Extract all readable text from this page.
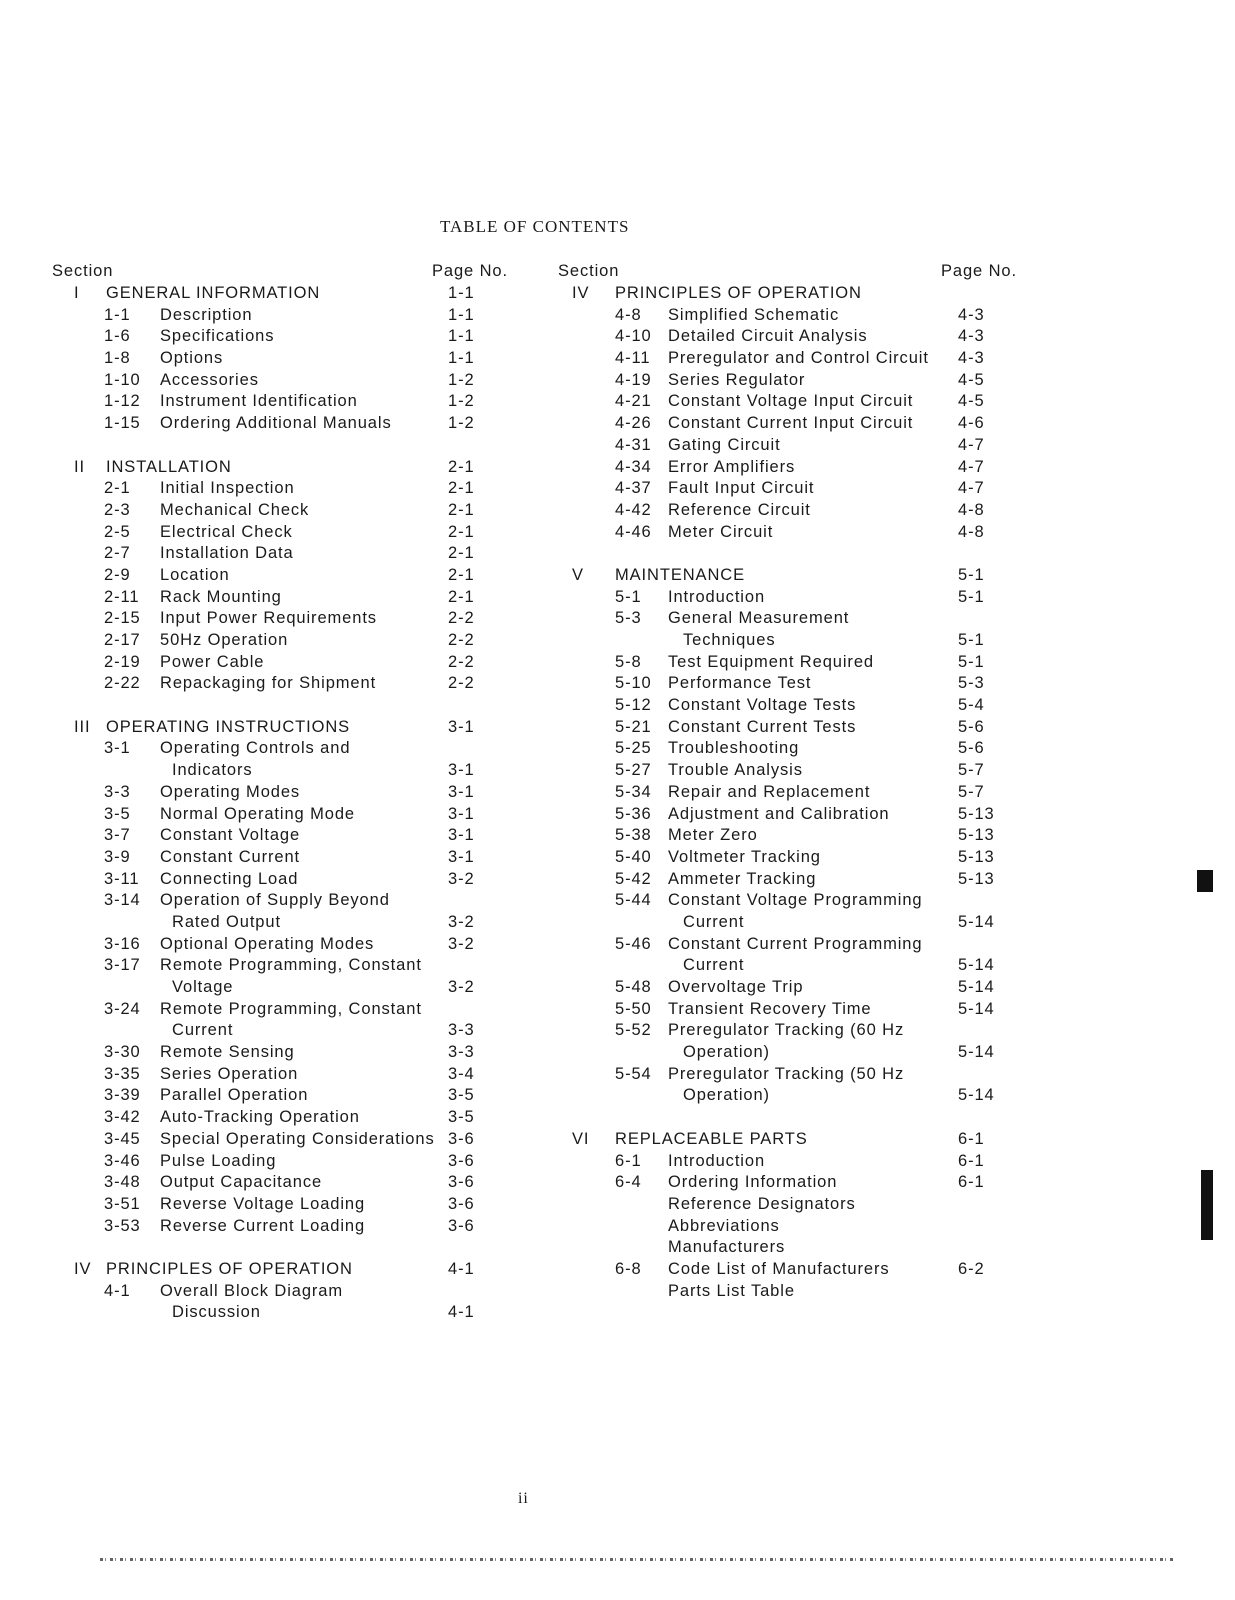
TABLE OF CONTENTS
Section	Page No.
I GENERAL INFORMATION	1-1
1-1 Description	1-1
1-6 Specifications	1-1
1-8 Options	1-1
1-10 Accessories	1-2
1-12 Instrument Identification	1-2
1-15 Ordering Additional Manuals	1-2
II INSTALLATION	2-1
2-1 Initial Inspection	2-1
2-3 Mechanical Check	2-1
2-5 Electrical Check	2-1
2-7 Installation Data	2-1
2-9 Location	2-1
2-11 Rack Mounting	2-1
2-15 Input Power Requirements	2-2
2-17 50Hz Operation	2-2
2-19 Power Cable	2-2
2-22 Repackaging for Shipment	2-2
III OPERATING INSTRUCTIONS	3-1
3-1 Operating Controls and
Indicators	3-1
3-3 Operating Modes	3-1
3-5 Normal Operating Mode	3-1
3-7 Constant Voltage	3-1
3-9 Constant Current	3-1
3-11 Connecting Load	3-2
3-14 Operation of Supply Beyond
Rated Output	3-2
3-16 Optional Operating Modes	3-2
3-17 Remote Programming, Constant
Voltage	3-2
3-24 Remote Programming, Constant
Current	3-3
3-30 Remote Sensing	3-3
3-35 Series Operation	3-4
3-39 Parallel Operation	3-5
3-42 Auto-Tracking Operation	3-5
3-45 Special Operating Considerations 3-6
3-46 Pulse Loading	3-6
3-48 Output Capacitance	3-6
3-51 Reverse Voltage Loading	3-6
3-53 Reverse Current Loading	3-6
IV PRINCIPLES OF OPERATION	4-1
4-1 Overall Block Diagram
Discussion	4-1
Section	Page No.
IV PRINCIPLES OF OPERATION
4-8 Simplified Schematic	4-3
4-10 Detailed Circuit Analysis	4-3
4-11 Preregulator and Control Circuit 4-3
4-19 Series Regulator	4-5
4-21 Constant Voltage Input Circuit	4-5
4-26 Constant Current Input Circuit	4-6
4-31 Gating Circuit	4-7
4-34 Error Amplifiers	4-7
4-37 Fault Input Circuit	4-7
4-42 Reference Circuit	4-8
4-46 Meter Circuit	4-8
V MAINTENANCE	5-1
5-1 Introduction	5-1
5-3 General Measurement
Techniques	5-1
5-8 Test Equipment Required	5-1
5-10 Performance Test	5-3
5-12 Constant Voltage Tests	5-4
5-21 Constant Current Tests	5-6
5-25 Troubleshooting	5-6
5-27 Trouble Analysis	5-7
5-34 Repair and Replacement	5-7
5-36 Adjustment and Calibration	5-13
5-38 Meter Zero	5-13
5-40 Voltmeter Tracking	5-13
5-42 Ammeter Tracking	5-13
5-44 Constant Voltage Programming
Current	5-14
5-46 Constant Current Programming
Current	5-14
5-48 Overvoltage Trip	5-14
5-50 Transient Recovery Time	5-14
5-52 Preregulator Tracking (60 Hz
Operation)	5-14
5-54 Preregulator Tracking (50 Hz
Operation)	5-14
VI REPLACEABLE PARTS	6-1
6-1 Introduction	6-1
6-4 Ordering Information	6-1
Reference Designators
Abbreviations
Manufacturers
6-8 Code List of Manufacturers	6-2
Parts List Table
ii
